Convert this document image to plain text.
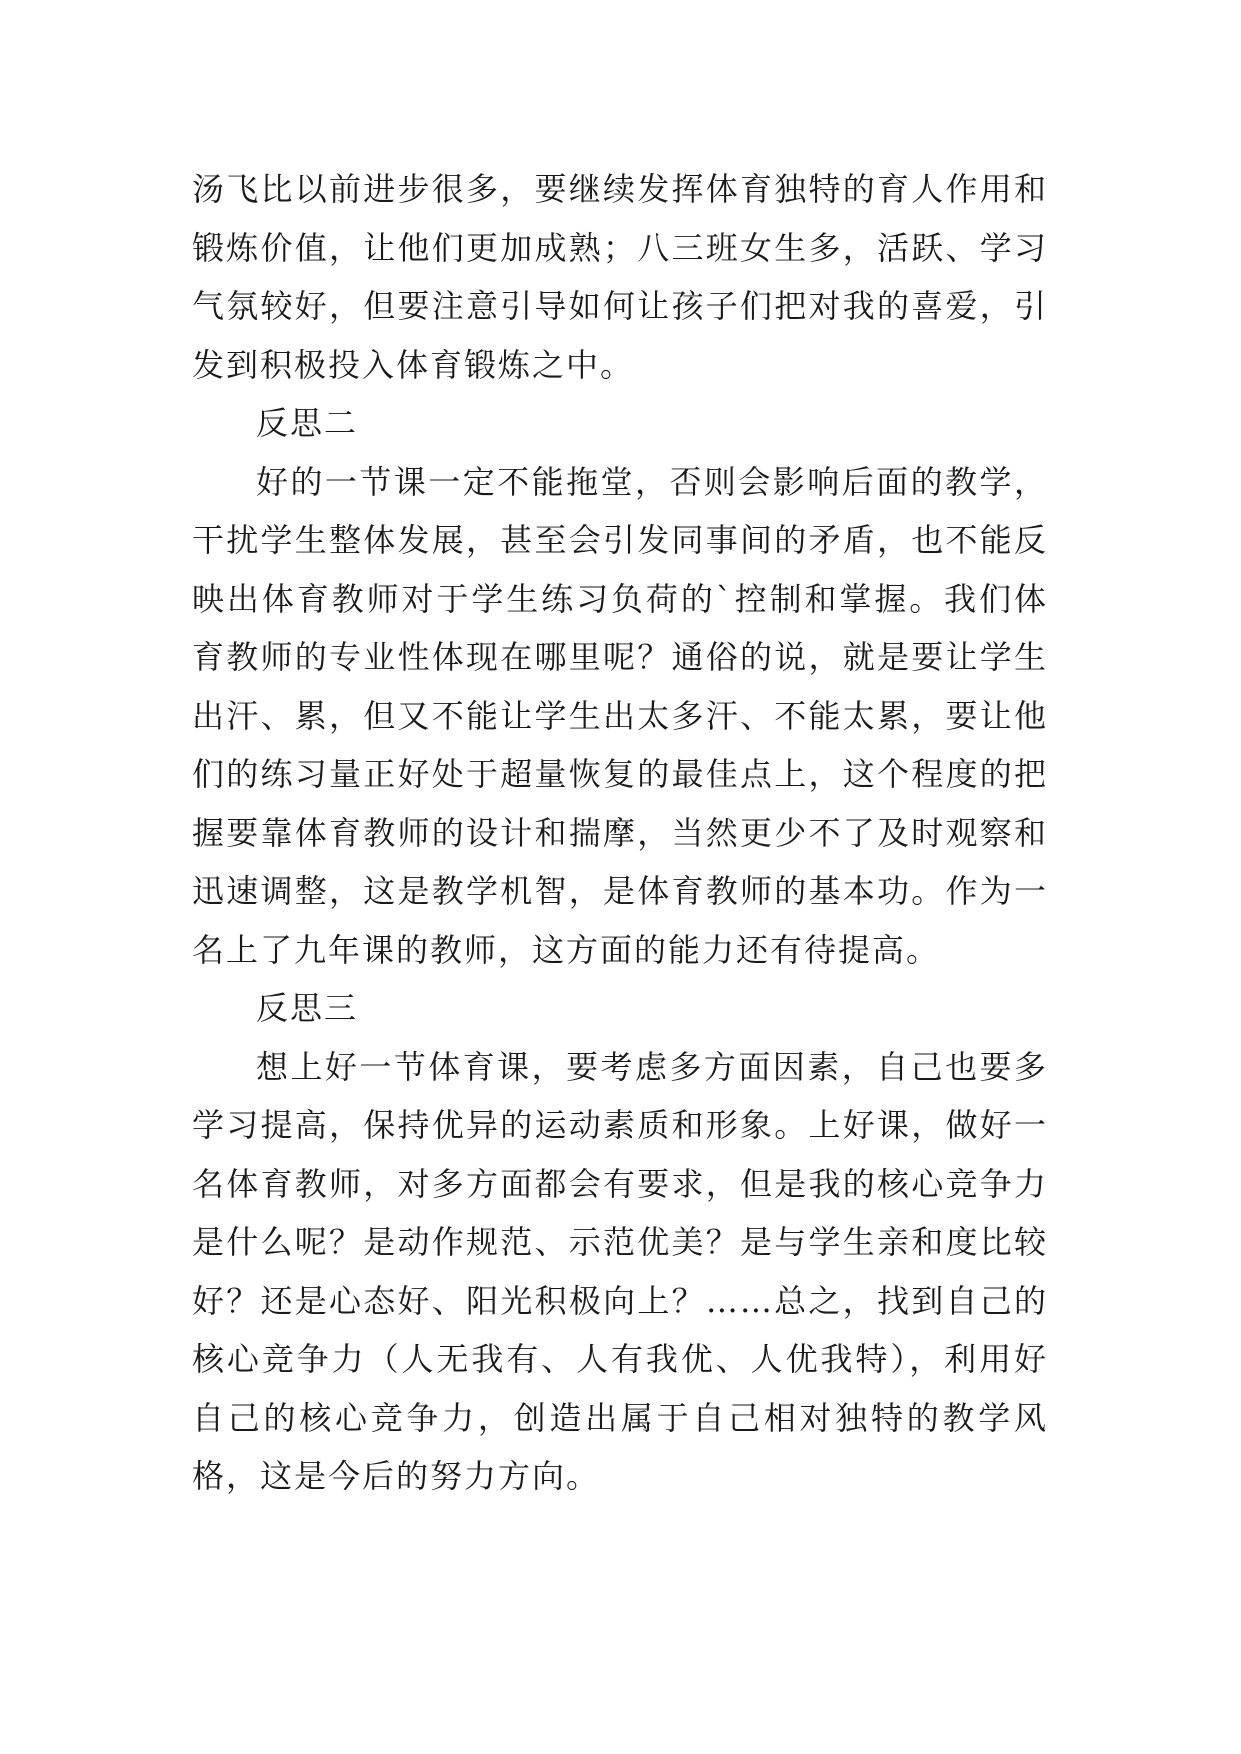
汤飞比以前进步很多，要继续发挥体育独特的育人作用和锻炼价值，让他们更加成熟；八三班女生多，活跃、学习气氛较好，但要注意引导如何让孩子们把对我的喜爱，引发到积极投入体育锻炼之中。

反思二

好的一节课一定不能拖堂，否则会影响后面的教学，干扰学生整体发展，甚至会引发同事间的矛盾，也不能反映出体育教师对于学生练习负荷的`控制和掌握。我们体育教师的专业性体现在哪里呢？通俗的说，就是要让学生出汗、累，但又不能让学生出太多汗、不能太累，要让他们的练习量正好处于超量恢复的最佳点上，这个程度的把握要靠体育教师的设计和揣摩，当然更少不了及时观察和迅速调整，这是教学机智，是体育教师的基本功。作为一名上了九年课的教师，这方面的能力还有待提高。

反思三

想上好一节体育课，要考虑多方面因素，自己也要多学习提高，保持优异的运动素质和形象。上好课，做好一名体育教师，对多方面都会有要求，但是我的核心竞争力是什么呢？是动作规范、示范优美？是与学生亲和度比较好？还是心态好、阳光积极向上？……总之，找到自己的核心竞争力（人无我有、人有我优、人优我特），利用好自己的核心竞争力，创造出属于自己相对独特的教学风格，这是今后的努力方向。
